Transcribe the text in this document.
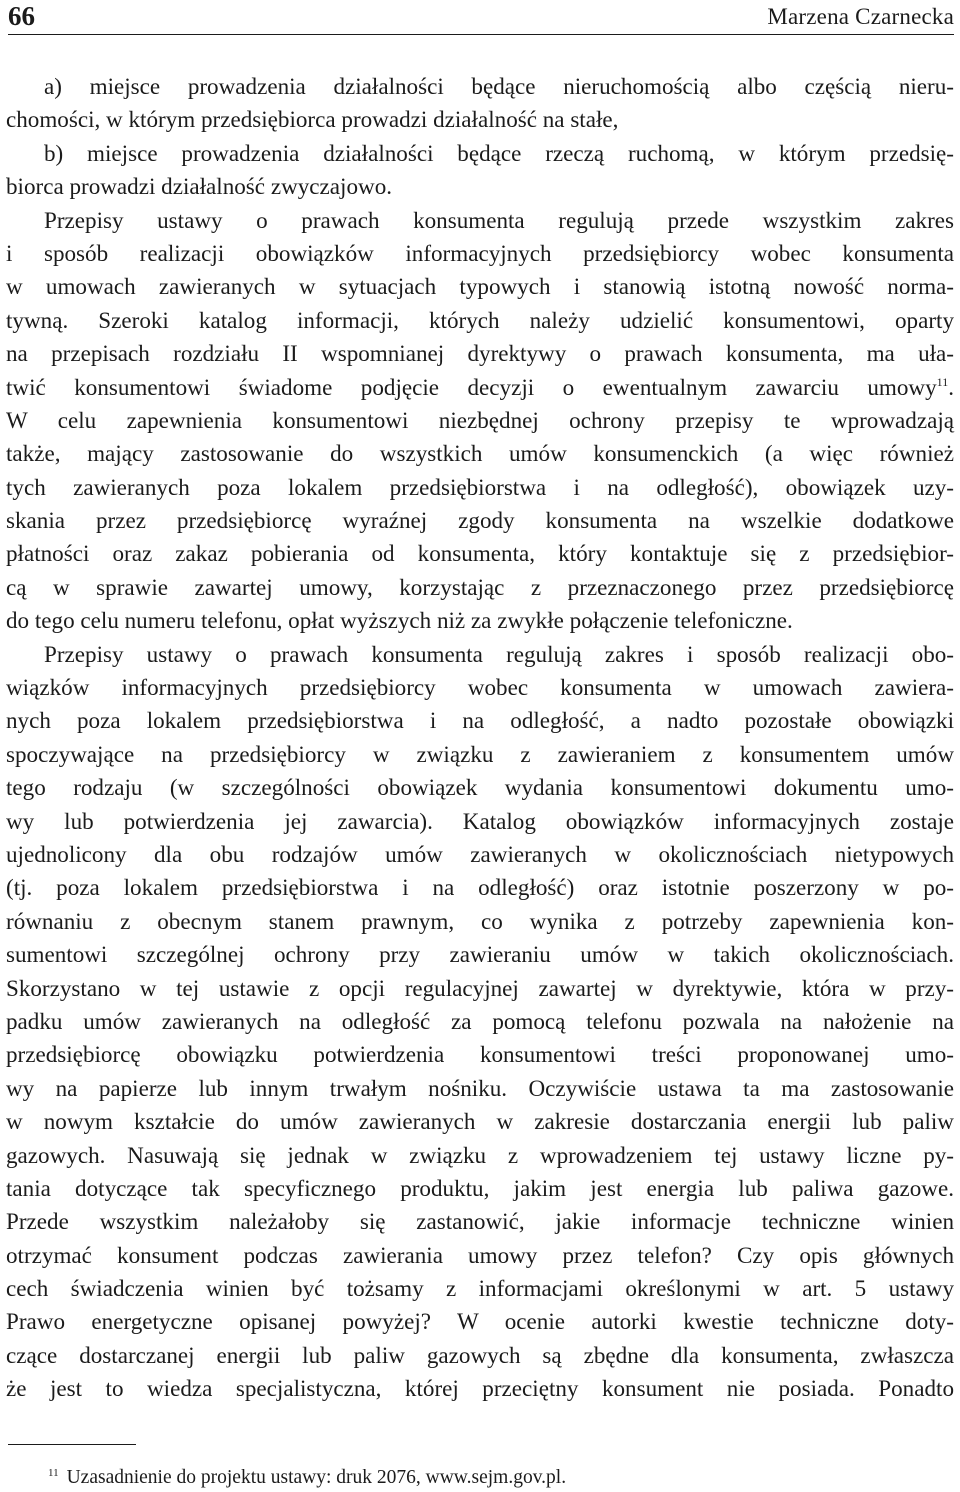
66	Marzena Czarnecka
a) miejsce prowadzenia działalności będące nieruchomością albo częścią nieru-
chomości, w którym przedsiębiorca prowadzi działalność na stałe,
b) miejsce prowadzenia działalności będące rzeczą ruchomą, w którym przedsię-
biorca prowadzi działalność zwyczajowo.
Przepisy ustawy o prawach konsumenta regulują przede wszystkim zakres
i sposób realizacji obowiązków informacyjnych przedsiębiorcy wobec konsumenta
w umowach zawieranych w sytuacjach typowych i stanowią istotną nowość norma-
tywną. Szeroki katalog informacji, których należy udzielić konsumentowi, oparty
na przepisach rozdziału II wspomnianej dyrektywy o prawach konsumenta, ma uła-
twić konsumentowi świadome podjęcie decyzji o ewentualnym zawarciu umowy$^{11}$.
W celu zapewnienia konsumentowi niezbędnej ochrony przepisy te wprowadzają
także, mający zastosowanie do wszystkich umów konsumenckich (a więc również
tych zawieranych poza lokalem przedsiębiorstwa i na odległość), obowiązek uzy-
skania przez przedsiębiorcę wyraźnej zgody konsumenta na wszelkie dodatkowe
płatności oraz zakaz pobierania od konsumenta, który kontaktuje się z przedsiębior-
cą w sprawie zawartej umowy, korzystając z przeznaczonego przez przedsiębiorcę
do tego celu numeru telefonu, opłat wyższych niż za zwykłe połączenie telefoniczne.
Przepisy ustawy o prawach konsumenta regulują zakres i sposób realizacji obo-
wiązków informacyjnych przedsiębiorcy wobec konsumenta w umowach zawiera-
nych poza lokalem przedsiębiorstwa i na odległość, a nadto pozostałe obowiązki
spoczywające na przedsiębiorcy w związku z zawieraniem z konsumentem umów
tego rodzaju (w szczególności obowiązek wydania konsumentowi dokumentu umo-
wy lub potwierdzenia jej zawarcia). Katalog obowiązków informacyjnych zostaje
ujednolicony dla obu rodzajów umów zawieranych w okolicznościach nietypowych
(tj. poza lokalem przedsiębiorstwa i na odległość) oraz istotnie poszerzony w po-
równaniu z obecnym stanem prawnym, co wynika z potrzeby zapewnienia kon-
sumentowi szczególnej ochrony przy zawieraniu umów w takich okolicznościach.
Skorzystano w tej ustawie z opcji regulacyjnej zawartej w dyrektywie, która w przy-
padku umów zawieranych na odległość za pomocą telefonu pozwala na nałożenie na
przedsiębiorcę obowiązku potwierdzenia konsumentowi treści proponowanej umo-
wy na papierze lub innym trwałym nośniku. Oczywiście ustawa ta ma zastosowanie
w nowym kształcie do umów zawieranych w zakresie dostarczania energii lub paliw
gazowych. Nasuwają się jednak w związku z wprowadzeniem tej ustawy liczne py-
tania dotyczące tak specyficznego produktu, jakim jest energia lub paliwa gazowe.
Przede wszystkim należałoby się zastanowić, jakie informacje techniczne winien
otrzymać konsument podczas zawierania umowy przez telefon? Czy opis głównych
cech świadczenia winien być tożsamy z informacjami określonymi w art. 5 ustawy
Prawo energetyczne opisanej powyżej? W ocenie autorki kwestie techniczne doty-
czące dostarczanej energii lub paliw gazowych są zbędne dla konsumenta, zwłaszcza
że jest to wiedza specjalistyczna, której przeciętny konsument nie posiada. Ponadto
$^{11}$ Uzasadnienie do projektu ustawy: druk 2076, www.sejm.gov.pl.
